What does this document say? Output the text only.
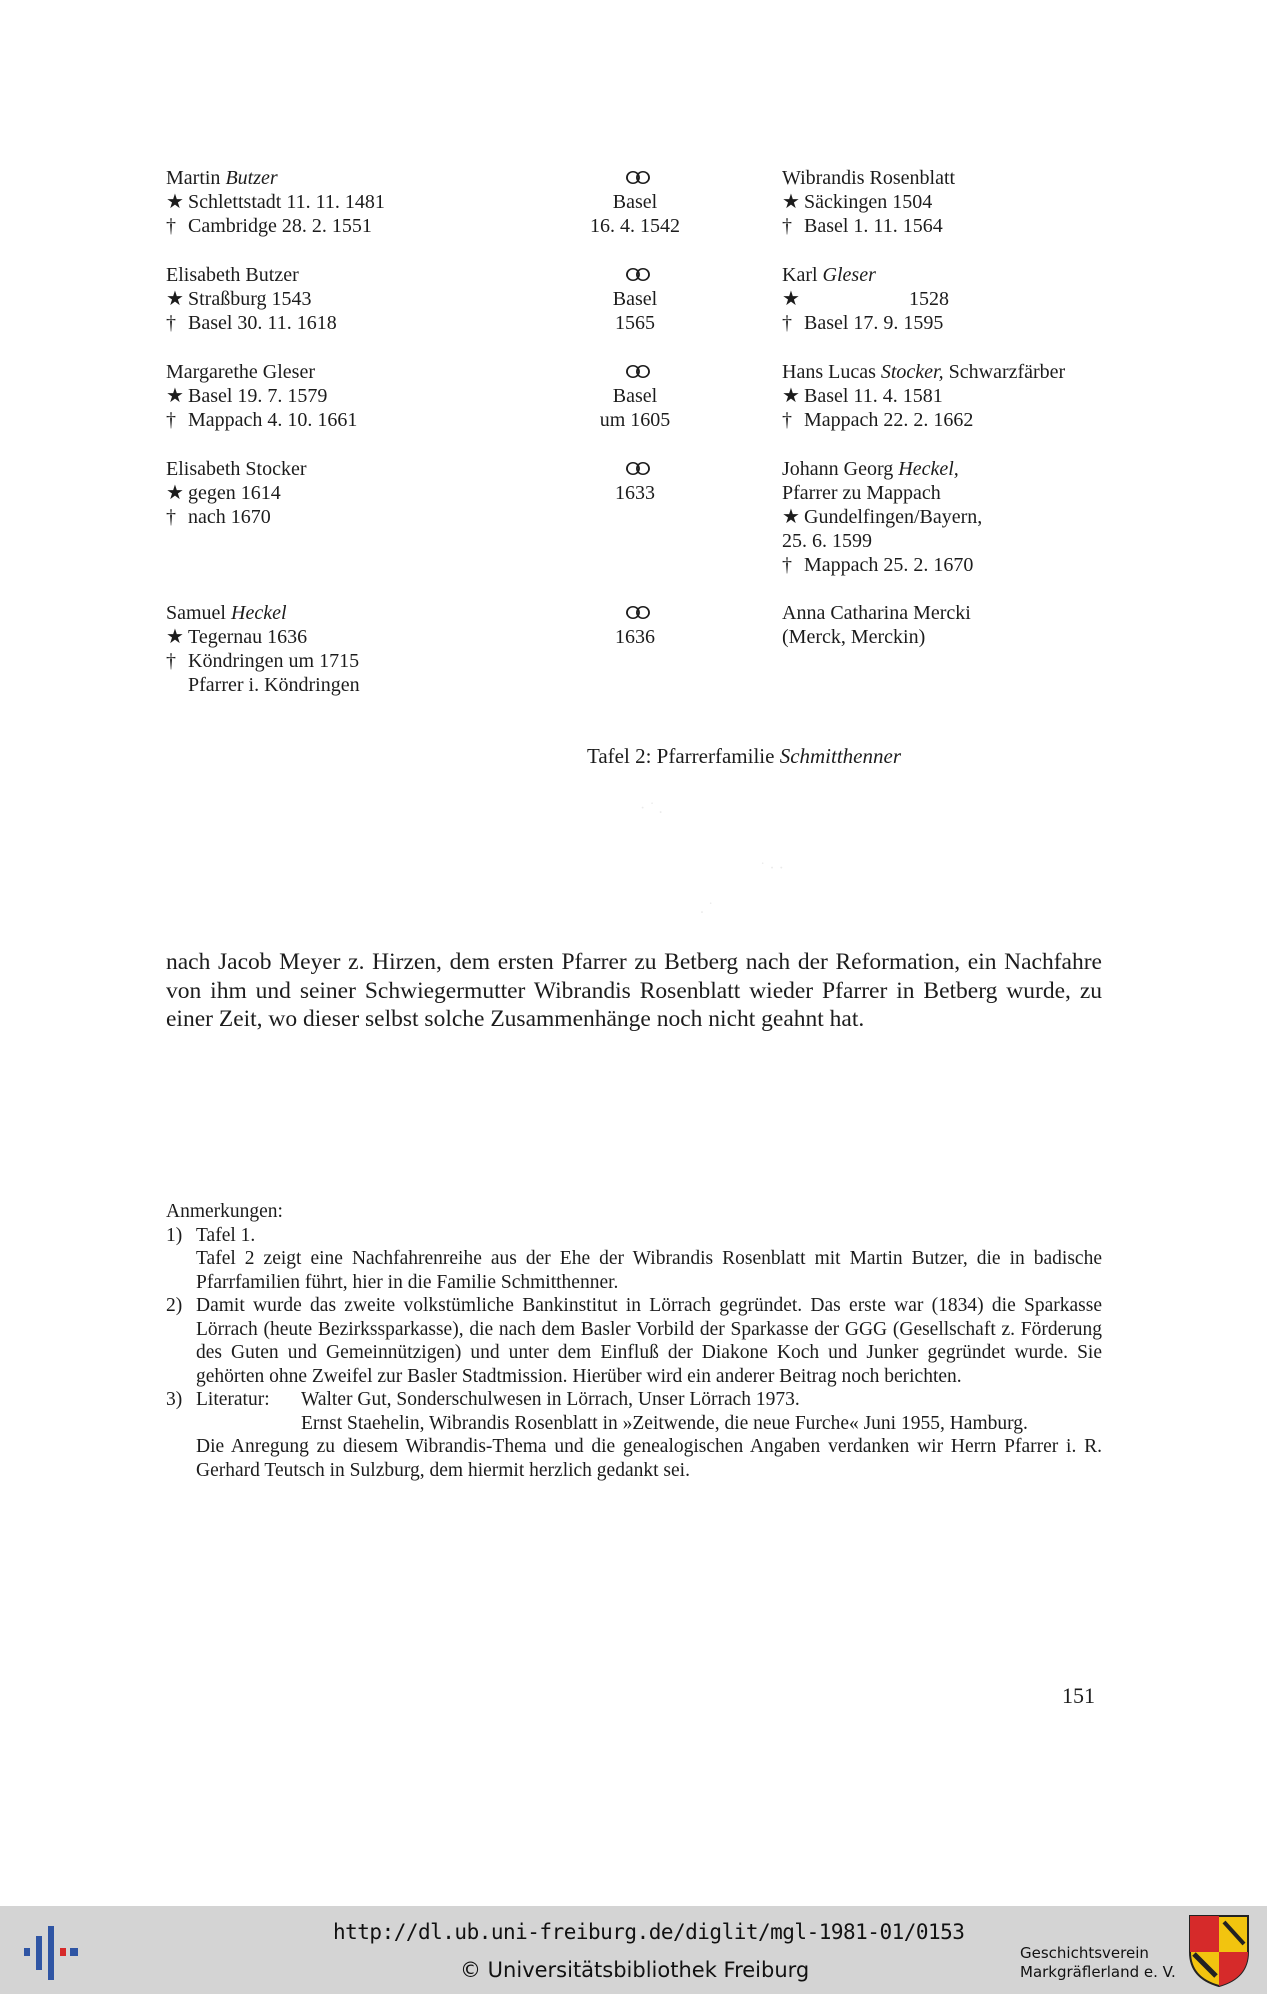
Martin Butzer
★ Schlettstadt 11. 11. 1481
† Cambridge 28. 2. 1551
ⵔⵔ
Basel
16. 4. 1542
Wibrandis Rosenblatt
★ Säckingen 1504
† Basel 1. 11. 1564
Elisabeth Butzer
★ Straßburg 1543
† Basel 30. 11. 1618
ⵔⵔ
Basel
1565
Karl Gleser
★                     1528
† Basel 17. 9. 1595
Margarethe Gleser
★ Basel 19. 7. 1579
† Mappach 4. 10. 1661
ⵔⵔ
Basel
um 1605
Hans Lucas Stocker, Schwarzfärber
★ Basel 11. 4. 1581
† Mappach 22. 2. 1662
Elisabeth Stocker
★ gegen 1614
† nach 1670
ⵔⵔ
1633
Johann Georg Heckel,
Pfarrer zu Mappach
★ Gundelfingen/Bayern,
25. 6. 1599
† Mappach 25. 2. 1670
Samuel Heckel
★ Tegernau 1636
† Köndringen um 1715
Pfarrer i. Köndringen
ⵔⵔ
1636
Anna Catharina Mercki
(Merck, Merckin)
Tafel 2: Pfarrerfamilie Schmitthenner
nach Jacob Meyer z. Hirzen, dem ersten Pfarrer zu Betberg nach der Reformation, ein Nachfahre von ihm und seiner Schwiegermutter Wibrandis Rosenblatt wieder Pfarrer in Betberg wurde, zu einer Zeit, wo dieser selbst solche Zusammenhänge noch nicht geahnt hat.
Anmerkungen:
1) Tafel 1.
Tafel 2 zeigt eine Nachfahrenreihe aus der Ehe der Wibrandis Rosenblatt mit Martin Butzer, die in badische Pfarrfamilien führt, hier in die Familie Schmitthenner.
2) Damit wurde das zweite volkstümliche Bankinstitut in Lörrach gegründet. Das erste war (1834) die Sparkasse Lörrach (heute Bezirkssparkasse), die nach dem Basler Vorbild der Sparkasse der GGG (Gesellschaft z. Förderung des Guten und Gemeinnützigen) und unter dem Einfluß der Diakone Koch und Junker gegründet wurde. Sie gehörten ohne Zweifel zur Basler Stadtmission. Hierüber wird ein anderer Beitrag noch berichten.
3) Literatur:	Walter Gut, Sonderschulwesen in Lörrach, Unser Lörrach 1973.
Ernst Staehelin, Wibrandis Rosenblatt in »Zeitwende, die neue Furche« Juni 1955, Hamburg.
Die Anregung zu diesem Wibrandis-Thema und die genealogischen Angaben verdanken wir Herrn Pfarrer i. R. Gerhard Teutsch in Sulzburg, dem hiermit herzlich gedankt sei.
151
· ˙ .
˙ · ·
. ˙
http://dl.ub.uni-freiburg.de/diglit/mgl-1981-01/0153
© Universitätsbibliothek Freiburg
Geschichtsverein
Markgräflerland e. V.
